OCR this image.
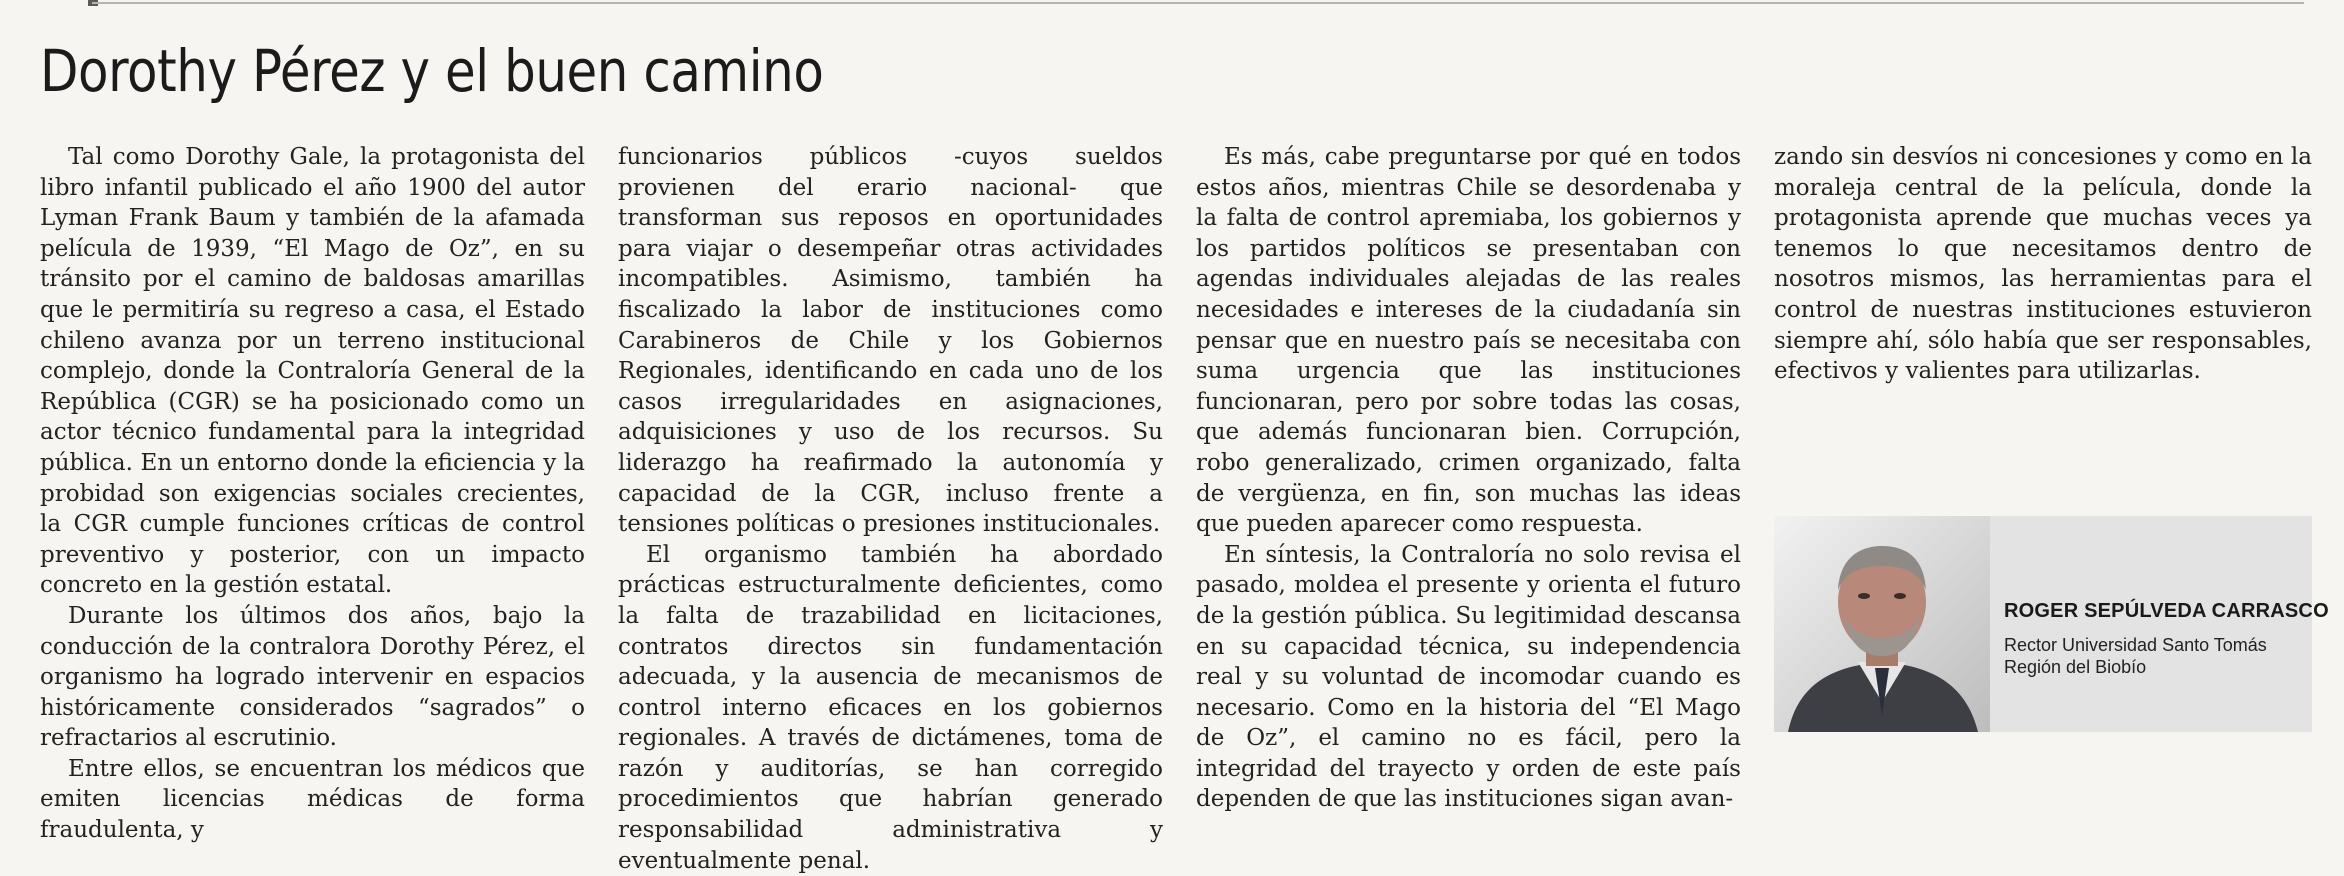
Dorothy Pérez y el buen camino

Tal como Dorothy Gale, la protagonista del libro infantil publicado el año 1900 del autor Lyman Frank Baum y también de la afamada película de 1939, “El Mago de Oz”, en su tránsito por el camino de baldosas amarillas que le permitiría su regreso a casa, el Estado chileno avanza por un terreno institucional complejo, donde la Contraloría General de la República (CGR) se ha posicionado como un actor técnico fundamental para la integridad pública. En un entorno donde la eficiencia y la probidad son exigencias sociales crecientes, la CGR cumple funciones críticas de control preventivo y posterior, con un impacto concreto en la gestión estatal.

Durante los últimos dos años, bajo la conducción de la contralora Dorothy Pérez, el organismo ha logrado intervenir en espacios históricamente considerados “sagrados” o refractarios al escrutinio.

Entre ellos, se encuentran los médicos que emiten licencias médicas de forma fraudulenta, y

funcionarios públicos -cuyos sueldos provienen del erario nacional- que transforman sus reposos en oportunidades para viajar o desempeñar otras actividades incompatibles. Asimismo, también ha fiscalizado la labor de instituciones como Carabineros de Chile y los Gobiernos Regionales, identificando en cada uno de los casos irregularidades en asignaciones, adquisiciones y uso de los recursos. Su liderazgo ha reafirmado la autonomía y capacidad de la CGR, incluso frente a tensiones políticas o presiones institucionales.

El organismo también ha abordado prácticas estructuralmente deficientes, como la falta de trazabilidad en licitaciones, contratos directos sin fundamentación adecuada, y la ausencia de mecanismos de control interno eficaces en los gobiernos regionales. A través de dictámenes, toma de razón y auditorías, se han corregido procedimientos que habrían generado responsabilidad administrativa y eventualmente penal.

Es más, cabe preguntarse por qué en todos estos años, mientras Chile se desordenaba y la falta de control apremiaba, los gobiernos y los partidos políticos se presentaban con agendas individuales alejadas de las reales necesidades e intereses de la ciudadanía sin pensar que en nuestro país se necesitaba con suma urgencia que las instituciones funcionaran, pero por sobre todas las cosas, que además funcionaran bien. Corrupción, robo generalizado, crimen organizado, falta de vergüenza, en fin, son muchas las ideas que pueden aparecer como respuesta.

En síntesis, la Contraloría no solo revisa el pasado, moldea el presente y orienta el futuro de la gestión pública. Su legitimidad descansa en su capacidad técnica, su independencia real y su voluntad de incomodar cuando es necesario. Como en la historia del “El Mago de Oz”, el camino no es fácil, pero la integridad del trayecto y orden de este país dependen de que las instituciones sigan avan-

zando sin desvíos ni concesiones y como en la moraleja central de la película, donde la protagonista aprende que muchas veces ya tenemos lo que necesitamos dentro de nosotros mismos, las herramientas para el control de nuestras instituciones estuvieron siempre ahí, sólo había que ser responsables, efectivos y valientes para utilizarlas.

ROGER SEPÚLVEDA CARRASCO

Rector Universidad Santo Tomás

Región del Biobío
